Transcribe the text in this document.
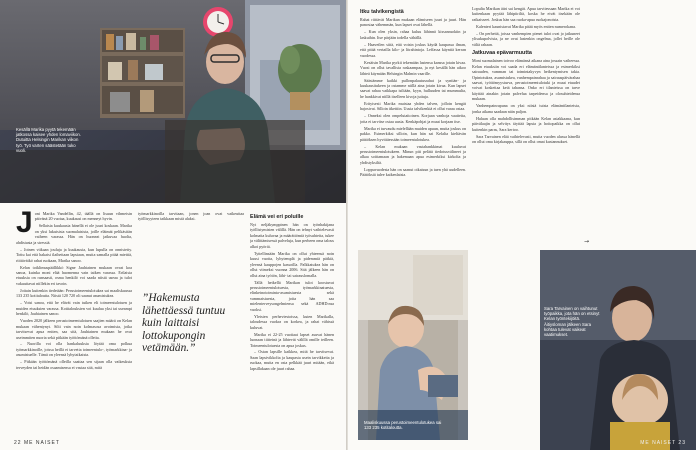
Kesällä Marika pyytä tekemään jatkossa kaisee yhden lomaviikon. Dutuitta Helsingin Marikan viikon työ. Työ varten säästetään tuko vuoli.

Joni Marika Vandellin, 42, täällä on lisuun vihmeisin päivänä 20 vuotaa, kuukausi on menneyt hyvin.

Sellaisia kuukausia hänellä ei ole juuri koskaan. Marika on yksi lukuisista suomalaisista, joille eläimät pelikäsitän vaiheen varassa. Hän on huoneat jatkuvaa huolta, ahdistusta ja stressiä.

– Joinen viikaan jouluja ja kuukausia, kun lupulla on onnistetty. Tottu kai että hakaisi ilaihettaan lapsiaan, mutta samalla pitää miettiä, riittävätkö rahat ruokaan, Marika sanoo.

Kelan toiklimuspäällikkö Signe Jauhiainen mukaan ovrat koa sanoa, kuinka moni elää huomenna vain taiken varassa. Ertlaisia etuuksia on runsaasti, osma henkilö voi saada niistä useaa ja tulot vakuuttavat niillekin eri tavoin.

Joitain kuitenkin tiedetään: Perustoimeentulotukea sai maaliskuussa 133 235 kotitaloutta. Niistä 120 720 oli saanut asumistukea.

– Voisi sanoa, että he elävät vain tuiken eli toimeentulotuen ja muiden etuuksien varassa. Kotitalouksien voi kuulua yksi tai useampi henkilö, Jauhiainen sanoo.

Vuoden 2020 jälkeen perustoimeentulotuen saajien määrä on Kelan mukaan vähentynyt. Silti vain noin kolmasosa avoimista, jotka tarvitsevat apua eniten, saa sitä, Jauhiainen mukaan he ovat useimmiten nuoria sekä pitkään työttömänä olleita.

– Nuorilla voi olla hankaluuksia löytää oma polkua työmarkkinoille, joissa heillä ei tarvetta toimeentulo-, työmarkkina- ja asumistuelle. Tämä on yleensä lyhytaikaista.

– Pitkään työttömänä olleilla saattaa sen sijaan olla vaikeuksia terveyden tai heidän osaamisensa ei vastaa sitä, mitä

työmarkkinoilla tarvitaan, jonen joan ovat vaikeuttaa työllisyyteen taikkaan mistä alaksi.

”Hakemusta
lähettäessä tuntuu kuin laittaisi lottokupongin vetämään.”
Elämä vei eri poluille

Nyt neljäkymppinen hän on työnhakijana työllistymisten välillä. Hän on tehnyt vaihtelevasti kolmatta kuluvaa ja määrättömiä työsuhteita, tukee ja välittämisessä palveluja, kun perheen oma talous alkoi pyöriä.

Tyttellinsään Marika on ollut yhteensä noin kuusi vuotta, lyhytemplä ja pidemmiä pätkiä, yleensä kauppojen kassoilla. Palkkatukea hän on ollut viimeksi vuonna 2006. Sitä jälkeen hän on ollut aina työtön, lähi- tai sairauslomalla.

Tällä hetkellä Marikan tulot koostuvat perustoimeentulotuesta, työmarkkinatuesta, elinkeinotoiminta-asumistuesta sekä vammaistuesta, joita hän saa mielenterveysongelmiensa sekä ADHD:nsa vuoksi.

Yleisten perheviestoissa, kuten Marikalla, taloudessa vuokra on korkea, ja rahat vähissä kuluvat.

Marika ei 22-25 vuotiaat lapset asuvat hänen luonaan tiitteinä ja lähtevät välillä omille teilleen. Toimeentulotuesta on apua joskus.

– Ostan lapsille kaikkea, mitä he tarvitsevat. Saan lapsivikkolta ja kaupasta usein tarvikkeita ja ruokaa, mutta en osta pelkkää juuri mitään, eikä lapsillakaan ole juuri rahaa.

22 ME NAISET
Itku talvikengistä

Rahat riittävät Marikan mukaan elämiseen juuri ja juuri. Hän panostaa vähemmän, kun lapset ovat lähellä.

– Kun olen yksin, rahaa kuluu lähinnä kissanruokiin ja laskuihin. Itse pärjään todella vähällä.

– Haaveilen siitä, että voisin joskus käydä kaupassa ilman, että pitää vertailla kilo- ja litrahintoja. Leffassa käyntiä kerran vuodessa.

Kesäisin Marika pyrkii tekemään lastensa kanssa jotain kivaa. Vuosi on ollut tavallista raskaampaa, ja nyt kesällä hän aikoo lähteä käymään Helsingin Malmin vaarille.

Säästämme kaikki pullonpalautusrahat ja syntiän- ja kuukausitukeen ja ostamme niillä aina jotain kivaa. Kun lapset saavat rahaa vaikkapa isiltään, kyyn, hulluuden tai mummulta, he hankkivat niillä itselleen kivoja juttuja.

Erityisesti Marika muistaa yhden talven, jolloin kengät hajosivat. Silloin itkettiin. Uusia talvikenkiä ei ollut varaa ostaa.

– Onneksi olen ompelutaitoinen. Korjaan vanhoja vaatteita, jotta ei tarvitse ostaa uusia. Kenkäpohjat ja muut korjaan itse.

Marika ei turvaudu mielellään muiden apuun, mutta joskus on pakko. Esimerkiksi silloin, kun hän sai Kelalta kieltävän päätöksen hyvittäessään toimeentulotukea.

– Kelan mukaan vastahankkimat kuuluvat perustoimeentulotukeen. Minun piti pelätä tiedotusvälineet ja alkaa soittamaan ja hakemaan apua esimerkiksi kirkolta ja yhdistyksiltä.

Loppuvuodesta hän on saanut oikaisun ja tuen yhä uudelleen. Päätöksiä tulee kaikenlaisia.

Lopulta Marikan ääri sai kengät. Apua tarvitessaan Marika ei voi kuitenkaan pyytää lähipiiriltä, koska he eivät itsekään ole ratkaisseet. Joskus hän saa ruoka-apua ruokajonoista.

Kalenteri kaunistavat Marika pitää myös eniten numerokana.

– On perheitä, joissa vanhempien pienet tulot ovat jo jatkuneet ylisukupolvisia, ja ne ovat lastenkin ongelma, jollei heille ole väliä rahaan.

Jatkuvaa epävarmuutta

Moni suomalainen toivoo elämänsä aikana aina jossain vaiheessa. Kelan etuuksiin voi saada eri elämäntilanteissa ja esimerkiksi sairauden, vamman tai toimintakyvyn heikentymisen takia. Opintotukea, asumistukea, vanhempainrahaa ja sairauspäivärahaa saavat, työttömyysturva, perustoimeentulotuki ja muut etuudet voivat koskettaa ketä tahansa. Onko eri tilanteissa on tarve käyttää ainakin jotain palvelua tarpeidensa ja olosuhteidensa mukaan.

Vanhempainrapuna on yksi niistä tuista elämäntilanteista, jonka aikana saadaan näin paljon.

Haluan olla mahdollisimman pitkään Kelan asiakkaana, kun päivälaajin ja selvitys täyttää lapsia ja hoitopaikka on ollut kuitenkin paras, Sara kertoo.

Sara Tarvainen elää vaihtelevasti, mutta vuoden alussa hänellä on ollut oma kirjakauppa, sillä on ollut omat kustannukset.

→
Maaliskuussa perustoimeentulotukea sai 133 235 kotitaloutta.
Sara Tarvainen on vaihtunut työpaikka, jota hän on etsinyt Kelan työntekijöitä. Äitiysloman jälkeen Sara kohtaa tulevat vaikeat vaatimukset.
ME NAISET 23
